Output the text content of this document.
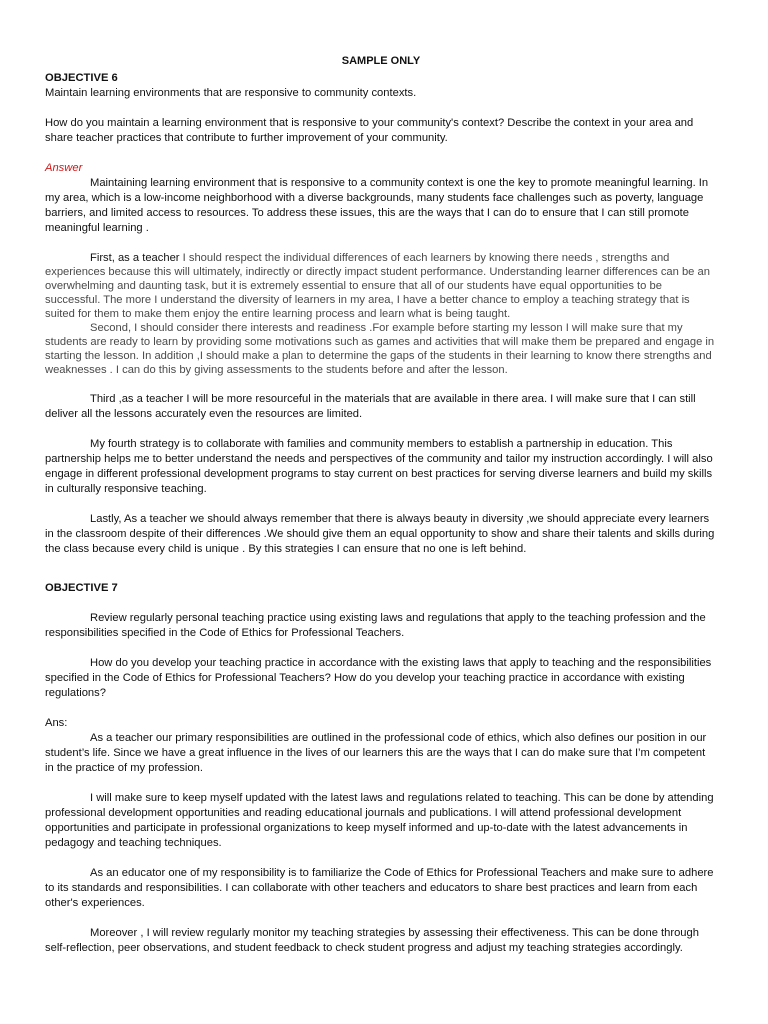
SAMPLE ONLY

OBJECTIVE 6

Maintain learning environments that are responsive to community contexts.

How do you maintain a learning environment that is responsive to your community's context? Describe the context in your area and share teacher practices that contribute to further improvement of your community.

Answer

Maintaining learning environment that is responsive to a community context is one the key to promote meaningful learning. In my area, which is a low-income neighborhood with a diverse backgrounds, many students face challenges such as poverty, language barriers, and limited access to resources. To address these issues, this are the ways that I can do to ensure that I can still promote meaningful learning .

First, as a teacher I should respect the individual differences of each learners by knowing there needs , strengths and experiences because this will ultimately, indirectly or directly impact student performance. Understanding learner differences can be an overwhelming and daunting task, but it is extremely essential to ensure that all of our students have equal opportunities to be successful. The more I understand the diversity of learners in my area, I have a better chance to employ a teaching strategy that is suited for them to make them enjoy the entire learning process and learn what is being taught.

Second, I should consider there interests and readiness .For example before starting my lesson I will make sure that my students are ready to learn by providing some motivations such as games and activities that will make them be prepared and engage in starting the lesson. In addition ,I should make a plan to determine the gaps of the students in their learning to know there strengths and weaknesses . I can do this by giving assessments to the students before and after the lesson.

Third ,as a teacher I will be more resourceful in the materials that are available in there area. I will make sure that I can still deliver all the lessons accurately even the resources are limited.

My fourth strategy is to collaborate with families and community members to establish a partnership in education. This partnership helps me to better understand the needs and perspectives of the community and tailor my instruction accordingly. I will also engage in different professional development programs to stay current on best practices for serving diverse learners and build my skills in culturally responsive teaching.

Lastly, As a teacher we should always remember that there is always beauty in diversity ,we should appreciate every learners in the classroom despite of their differences .We should give them an equal opportunity to show and share their talents and skills during the class because every child is unique . By this strategies I can ensure that no one is left behind.

OBJECTIVE 7

Review regularly personal teaching practice using existing laws and regulations that apply to the teaching profession and the responsibilities specified in the Code of Ethics for Professional Teachers.

How do you develop your teaching practice in accordance with the existing laws that apply to teaching and the responsibilities specified in the Code of Ethics for Professional Teachers? How do you develop your teaching practice in accordance with existing regulations?

Ans:

As a teacher our primary responsibilities are outlined in the professional code of ethics, which also defines our position in our student’s life. Since we have a great influence in the lives of our learners this are the ways that I can do make sure that I’m competent in the practice of my profession.

I will make sure to keep myself updated with the latest laws and regulations related to teaching. This can be done by attending professional development opportunities and reading educational journals and publications. I will attend professional development opportunities and participate in professional organizations to keep myself informed and up-to-date with the latest advancements in pedagogy and teaching techniques.

As an educator one of my responsibility is to familiarize the Code of Ethics for Professional Teachers and make sure to adhere to its standards and responsibilities. I can collaborate with other teachers and educators to share best practices and learn from each other's experiences.

Moreover , I will review regularly monitor my teaching strategies by assessing their effectiveness. This can be done through self-reflection, peer observations, and student feedback to check student progress and adjust my teaching strategies accordingly.
